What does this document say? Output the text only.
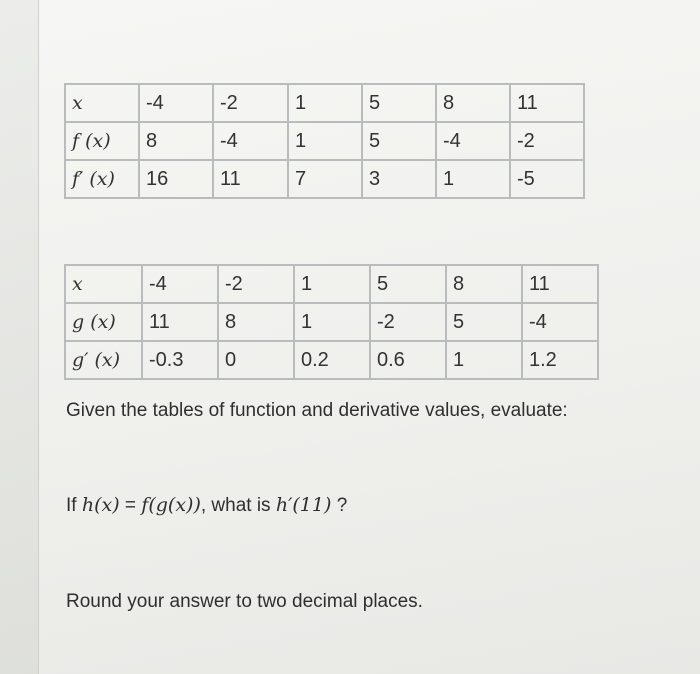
x	-4	-2	1	5	8	11
f (x)	8	-4	1	5	-4	-2
f′ (x)	16	11	7	3	1	-5
x	-4	-2	1	5	8	11
g (x)	11	8	1	-2	5	-4
g′ (x)	-0.3	0	0.2	0.6	1	1.2
Given the tables of function and derivative values, evaluate:
If h(x) = f(g(x)), what is h′(11) ?
Round your answer to two decimal places.
